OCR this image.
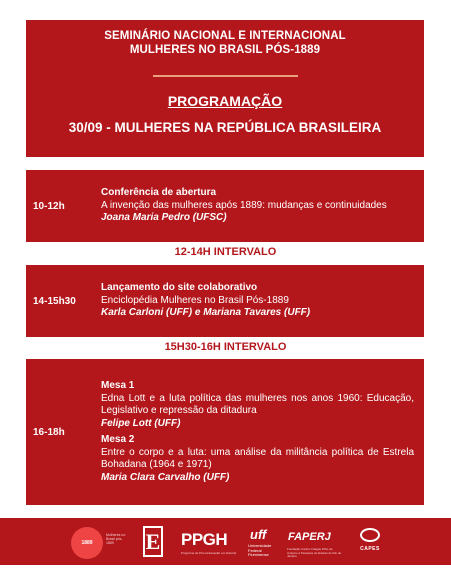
SEMINÁRIO NACIONAL E INTERNACIONAL
MULHERES NO BRASIL PÓS-1889
PROGRAMAÇÃO
30/09 - MULHERES NA REPÚBLICA BRASILEIRA
10-12h
Conferência de abertura
A invenção das mulheres após 1889: mudanças e continuidades
Joana Maria Pedro (UFSC)
12-14H INTERVALO
14-15h30
Lançamento do site colaborativo
Enciclopédia Mulheres no Brasil Pós-1889
Karla Carloni (UFF) e Mariana Tavares (UFF)
15H30-16H INTERVALO
16-18h
Mesa 1
Edna Lott e a luta política das mulheres nos anos 1960: Educação, Legislativo e repressão da ditadura
Felipe Lott (UFF)
Mesa 2
Entre o corpo e a luta: uma análise da militância política de Estrela Bohadana (1964 e 1971)
Maria Clara Carvalho (UFF)
1889
Mulheres no Brasil pós-1889	E PPGH
Programa de Pós-Graduação em História
uff
Universidade Federal Fluminense
FAPERJ
Fundação Carlos Chagas Filho de Amparo à Pesquisa do Estado do Rio de Janeiro
CAPES
